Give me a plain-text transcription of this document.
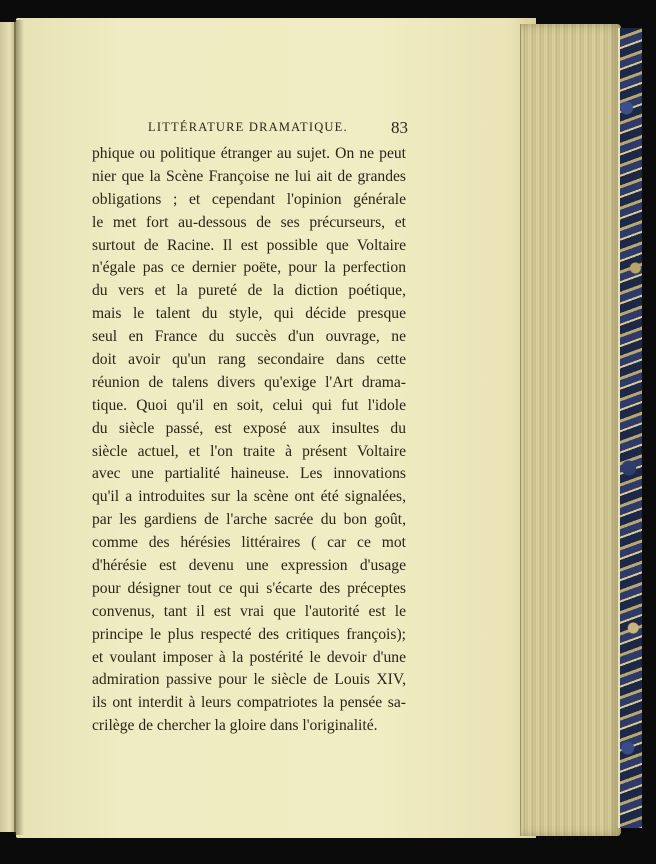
LITTÉRATURE DRAMATIQUE.	83
phique ou politique étranger au sujet. On ne peut
nier que la Scène Françoise ne lui ait de grandes
obligations ; et cependant l'opinion générale
le met fort au-dessous de ses précurseurs, et
surtout de Racine. Il est possible que Voltaire
n'égale pas ce dernier poëte, pour la perfection
du vers et la pureté de la diction poétique,
mais le talent du style, qui décide presque
seul en France du succès d'un ouvrage, ne
doit avoir qu'un rang secondaire dans cette
réunion de talens divers qu'exige l'Art drama-
tique. Quoi qu'il en soit, celui qui fut l'idole
du siècle passé, est exposé aux insultes du
siècle actuel, et l'on traite à présent Voltaire
avec une partialité haineuse. Les innovations
qu'il a introduites sur la scène ont été signalées,
par les gardiens de l'arche sacrée du bon goût,
comme des hérésies littéraires ( car ce mot
d'hérésie est devenu une expression d'usage
pour désigner tout ce qui s'écarte des préceptes
convenus, tant il est vrai que l'autorité est le
principe le plus respecté des critiques françois);
et voulant imposer à la postérité le devoir d'une
admiration passive pour le siècle de Louis XIV,
ils ont interdit à leurs compatriotes la pensée sa-
crilège de chercher la gloire dans l'originalité.
